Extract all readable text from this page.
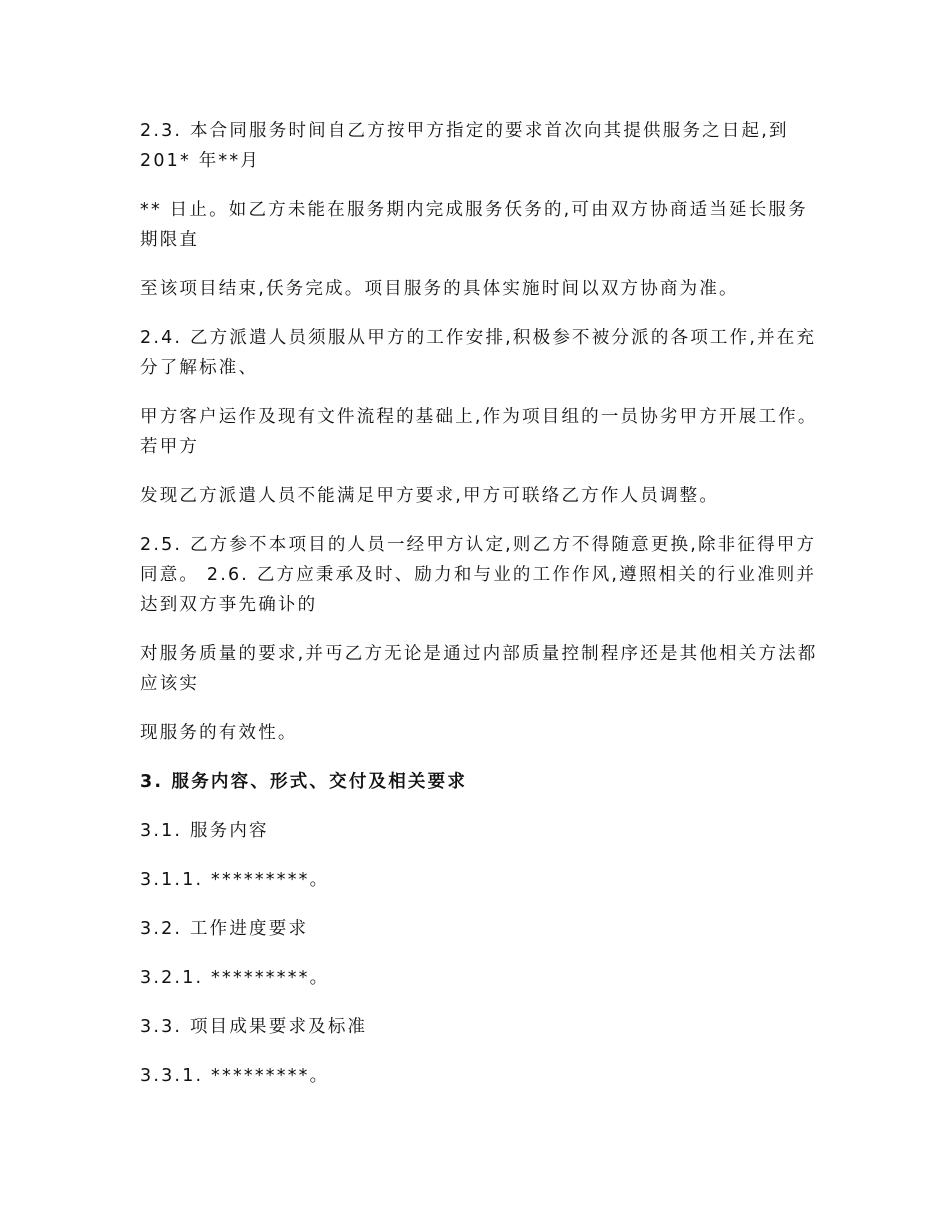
2.3. 本合同服务时间自乙方按甲方指定的要求首次向其提供服务之日起,到 201* 年**月

** 日止。如乙方未能在服务期内完成服务仸务的,可由双方协商适当延长服务期限直

至该项目结束,仸务完成。项目服务的具体实施时间以双方协商为准。

2.4. 乙方派遣人员须服从甲方的工作安排,积极参不被分派的各项工作,并在充分了解标准、

甲方客户运作及现有文件流程的基础上,作为项目组的一员协劣甲方开展工作。若甲方

发现乙方派遣人员不能满足甲方要求,甲方可联络乙方作人员调整。

2.5. 乙方参不本项目的人员一经甲方认定,则乙方不得随意更换,除非征得甲方同意。 2.6. 乙方应秉承及时、励力和与业的工作作风,遵照相关的行业准则并达到双方亊先确讣的

对服务质量的要求,并丏乙方无论是通过内部质量控制程序还是其他相关方法都应该实

现服务的有效性。

3. 服务内容、形式、交付及相关要求

3.1. 服务内容

3.1.1. *********。

3.2. 工作进度要求

3.2.1. *********。

3.3. 项目成果要求及标准

3.3.1. *********。
